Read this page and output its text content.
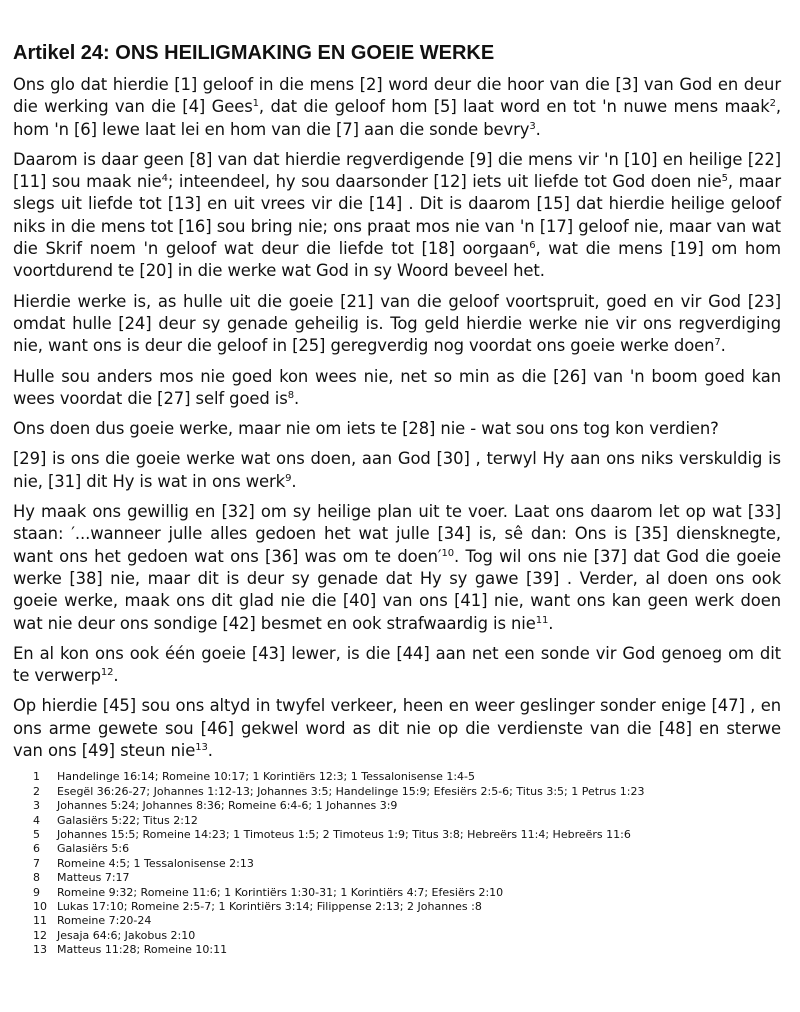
Artikel 24: ONS HEILIGMAKING EN GOEIE WERKE

Ons glo dat hierdie [1] geloof in die mens [2] word deur die hoor van die [3] van God en deur die werking van die [4] Gees$^1$, dat die geloof hom [5] laat word en tot 'n nuwe mens maak$^2$, hom 'n [6] lewe laat lei en hom van die [7] aan die sonde bevry$^3$.

Daarom is daar geen [8] van dat hierdie regverdigende [9] die mens vir 'n [10] en heilige [22] [11] sou maak nie$^4$; inteendeel, hy sou daarsonder [12] iets uit liefde tot God doen nie$^5$, maar slegs uit liefde tot [13] en uit vrees vir die [14] . Dit is daarom [15] dat hierdie heilige geloof niks in die mens tot [16] sou bring nie; ons praat mos nie van 'n [17] geloof nie, maar van wat die Skrif noem 'n geloof wat deur die liefde tot [18] oorgaan$^6$, wat die mens [19] om hom voortdurend te [20] in die werke wat God in sy Woord beveel het.

Hierdie werke is, as hulle uit die goeie [21] van die geloof voortspruit, goed en vir God [23] omdat hulle [24] deur sy genade geheilig is. Tog geld hierdie werke nie vir ons regverdiging nie, want ons is deur die geloof in [25] geregverdig nog voordat ons goeie werke doen$^7$.

Hulle sou anders mos nie goed kon wees nie, net so min as die [26] van 'n boom goed kan wees voordat die [27] self goed $is^8$.

Ons doen dus goeie werke, maar nie om iets te [28] nie - wat sou ons tog kon verdien?

[29] is ons die goeie werke wat ons doen, aan God [30] , terwyl Hy aan ons niks verskuldig is nie, [31] dit Hy is wat in ons werk$^9$.

Hy maak ons gewillig en [32] om sy heilige plan uit te voer. Laat ons daarom let op wat [33] staan: ′...wanneer julle alles gedoen het wat julle [34] is, sê dan: Ons is [35] diensknegte, want ons het gedoen wat ons [36] was om te $doen'^{10}$. Tog wil ons nie [37] dat God die goeie werke [38] nie, maar dit is deur sy genade dat Hy sy gawe [39] . Verder, al doen ons ook goeie werke, maak ons dit glad nie die [40] van ons [41] nie, want ons kan geen werk doen wat nie deur ons sondige [42] besmet en ook strafwaardig is nie$^{11}$.

En al kon ons ook één goeie [43] lewer, is die [44] aan net een sonde vir God genoeg om dit te verwerp$^{12}$.

Op hierdie [45] sou ons altyd in twyfel verkeer, heen en weer geslinger sonder enige [47] , en ons arme gewete sou [46] gekwel word as dit nie op die verdienste van die [48] en sterwe van ons [49] steun nie$^{13}$.

1 Handelinge 16:14; Romeine 10:17; 1 Korintiërs 12:3; 1 Tessalonisense 1:4-5
2 Esegël 36:26-27; Johannes 1:12-13; Johannes 3:5; Handelinge 15:9; Efesiërs 2:5-6; Titus 3:5; 1 Petrus 1:23
3 Johannes 5:24; Johannes 8:36; Romeine 6:4-6; 1 Johannes 3:9
4 Galasiërs 5:22; Titus 2:12
5 Johannes 15:5; Romeine 14:23; 1 Timoteus 1:5; 2 Timoteus 1:9; Titus 3:8; Hebreërs 11:4; Hebreërs 11:6
6 Galasiërs 5:6
7 Romeine 4:5; 1 Tessalonisense 2:13
8 Matteus 7:17
9 Romeine 9:32; Romeine 11:6; 1 Korintiërs 1:30-31; 1 Korintiërs 4:7; Efesiërs 2:10
10 Lukas 17:10; Romeine 2:5-7; 1 Korintiërs 3:14; Filippense 2:13; 2 Johannes :8
11 Romeine 7:20-24
12 Jesaja 64:6; Jakobus 2:10
13 Matteus 11:28; Romeine 10:11
